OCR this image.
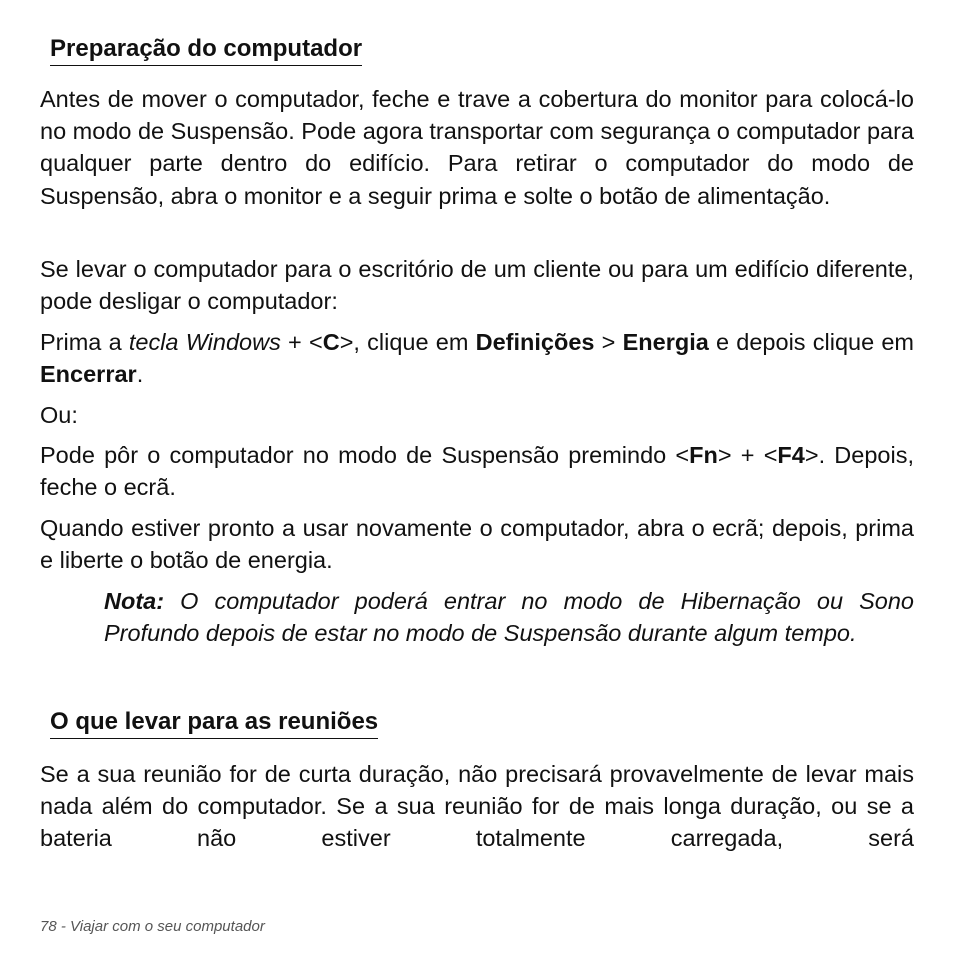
Preparação do computador

Antes de mover o computador, feche e trave a cobertura do monitor para colocá-lo no modo de Suspensão. Pode agora transportar com segurança o computador para qualquer parte dentro do edifício. Para retirar o computador do modo de Suspensão, abra o monitor e a seguir prima e solte o botão de alimentação.

Se levar o computador para o escritório de um cliente ou para um edifício diferente, pode desligar o computador:

Prima a tecla Windows + <C>, clique em Definições > Energia e depois clique em Encerrar.

Ou:

Pode pôr o computador no modo de Suspensão premindo <Fn> + <F4>. Depois, feche o ecrã.

Quando estiver pronto a usar novamente o computador, abra o ecrã; depois, prima e liberte o botão de energia.

Nota: O computador poderá entrar no modo de Hibernação ou Sono Profundo depois de estar no modo de Suspensão durante algum tempo.

O que levar para as reuniões

Se a sua reunião for de curta duração, não precisará provavelmente de levar mais nada além do computador. Se a sua reunião for de mais longa duração, ou se a bateria não estiver totalmente carregada, será

78 - Viajar com o seu computador
